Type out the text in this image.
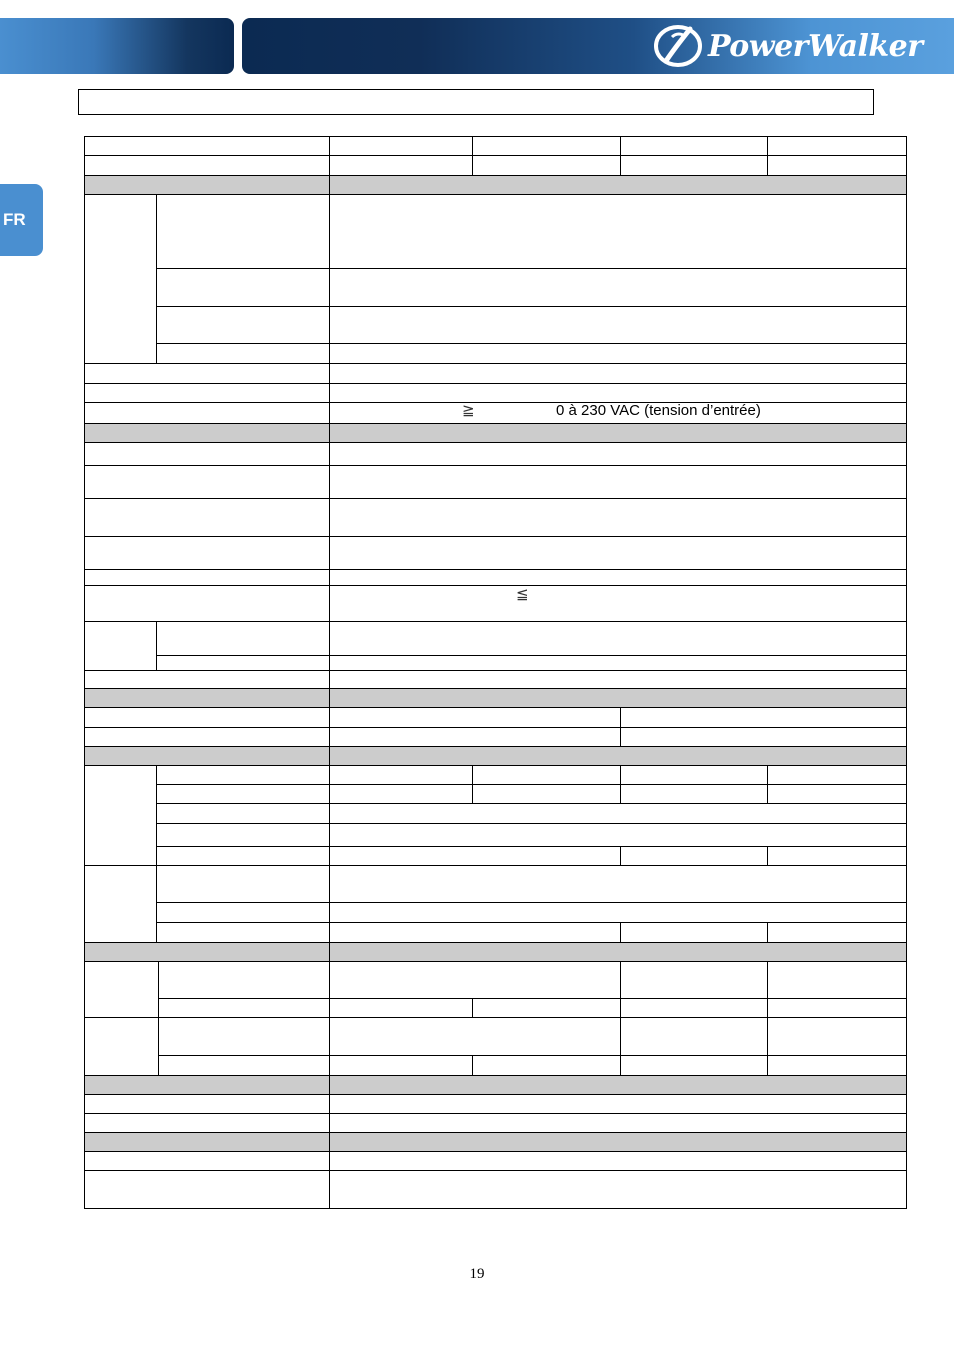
PowerWalker
FR
≧	0 à 230 VAC (tension d’entrée)
≦
19
